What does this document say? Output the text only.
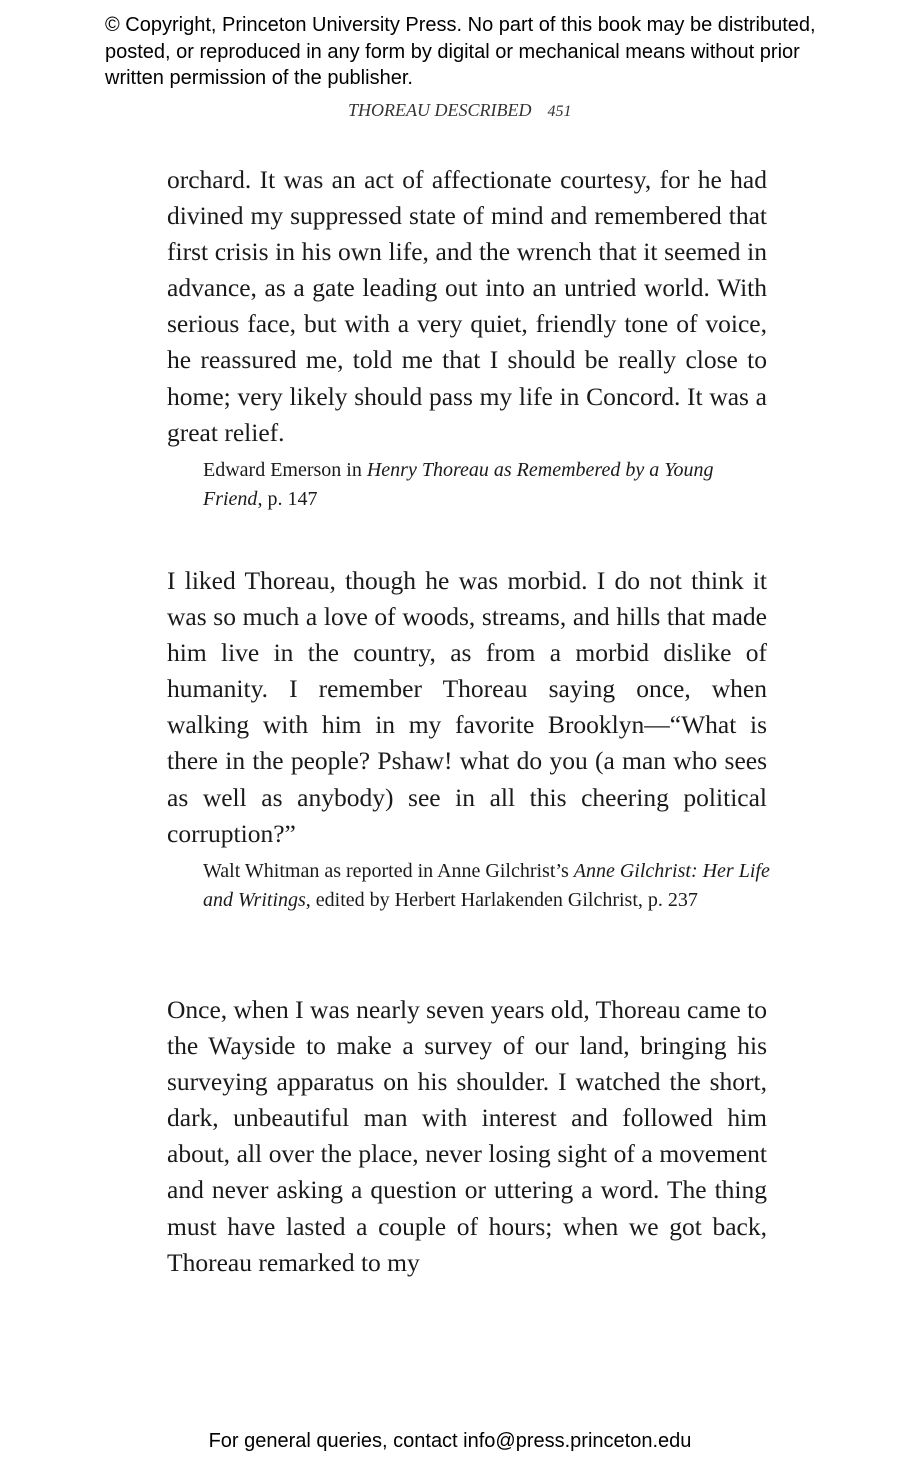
© Copyright, Princeton University Press. No part of this book may be distributed, posted, or reproduced in any form by digital or mechanical means without prior written permission of the publisher.
THOREAU DESCRIBED 451

orchard. It was an act of affectionate courtesy, for he had divined my suppressed state of mind and remembered that first crisis in his own life, and the wrench that it seemed in advance, as a gate leading out into an untried world. With serious face, but with a very quiet, friendly tone of voice, he reassured me, told me that I should be really close to home; very likely should pass my life in Concord. It was a great relief.

Edward Emerson in Henry Thoreau as Remembered by a Young Friend, p. 147

I liked Thoreau, though he was morbid. I do not think it was so much a love of woods, streams, and hills that made him live in the country, as from a morbid dislike of humanity. I remember Thoreau saying once, when walking with him in my favorite Brooklyn—“What is there in the people? Pshaw! what do you (a man who sees as well as anybody) see in all this cheering political corruption?”

Walt Whitman as reported in Anne Gilchrist’s Anne Gilchrist: Her Life and Writings, edited by Herbert Harlakenden Gilchrist, p. 237

Once, when I was nearly seven years old, Thoreau came to the Wayside to make a survey of our land, bringing his surveying apparatus on his shoulder. I watched the short, dark, unbeautiful man with interest and followed him about, all over the place, never losing sight of a movement and never asking a question or uttering a word. The thing must have lasted a couple of hours; when we got back, Thoreau remarked to my

For general queries, contact info@press.princeton.edu
